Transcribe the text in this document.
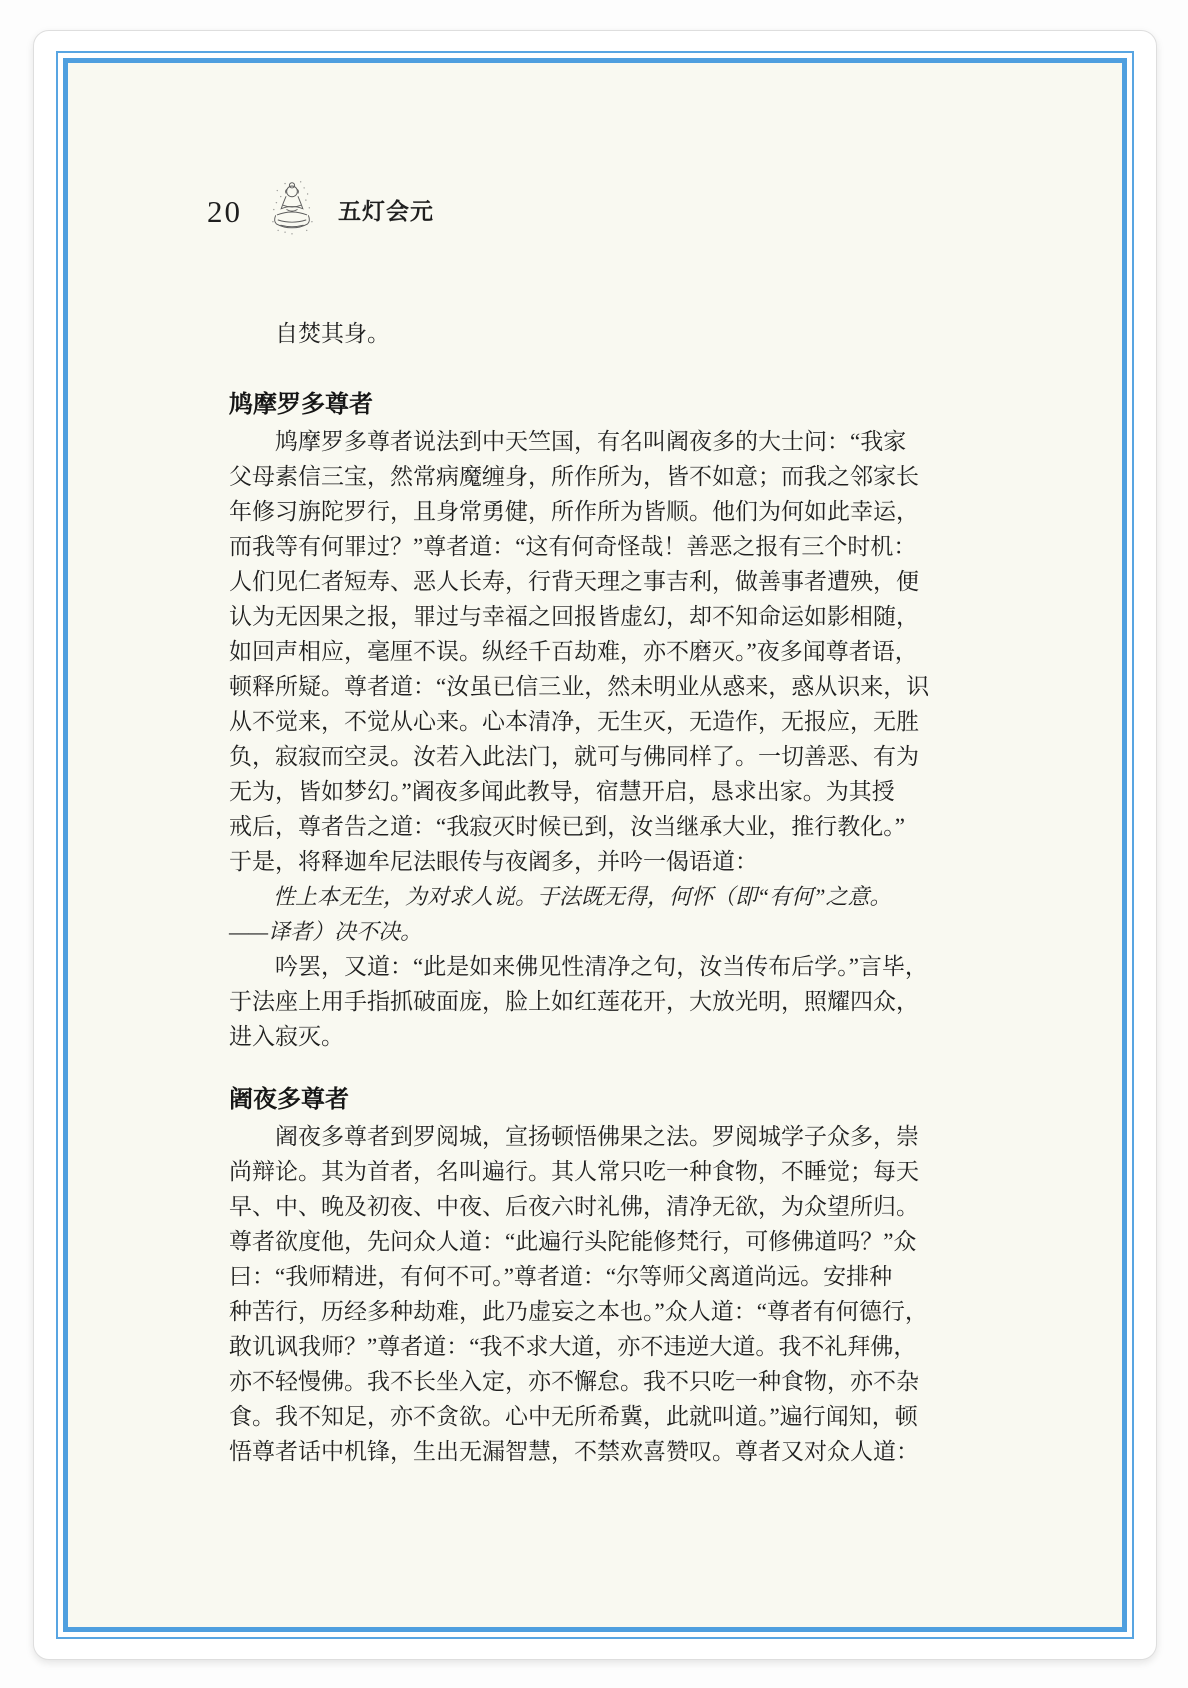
20	五灯会元
　　自焚其身。
鸠摩罗多尊者
　　鸠摩罗多尊者说法到中天竺国，有名叫阇夜多的大士问：“我家
父母素信三宝，然常病魔缠身，所作所为，皆不如意；而我之邻家长
年修习旃陀罗行，且身常勇健，所作所为皆顺。他们为何如此幸运，
而我等有何罪过？”尊者道：“这有何奇怪哉！善恶之报有三个时机：
人们见仁者短寿、恶人长寿，行背天理之事吉利，做善事者遭殃，便
认为无因果之报，罪过与幸福之回报皆虚幻，却不知命运如影相随，
如回声相应，毫厘不误。纵经千百劫难，亦不磨灭。”夜多闻尊者语，
顿释所疑。尊者道：“汝虽已信三业，然未明业从惑来，惑从识来，识
从不觉来，不觉从心来。心本清净，无生灭，无造作，无报应，无胜
负，寂寂而空灵。汝若入此法门，就可与佛同样了。一切善恶、有为
无为，皆如梦幻。”阇夜多闻此教导，宿慧开启，恳求出家。为其授
戒后，尊者告之道：“我寂灭时候已到，汝当继承大业，推行教化。”
于是，将释迦牟尼法眼传与夜阇多，并吟一偈语道：
　　性上本无生，为对求人说。于法既无得，何怀（即“有何”之意。
——译者）决不决。
　　吟罢，又道：“此是如来佛见性清净之句，汝当传布后学。”言毕，
于法座上用手指抓破面庞，脸上如红莲花开，大放光明，照耀四众，
进入寂灭。
阇夜多尊者
　　阇夜多尊者到罗阅城，宣扬顿悟佛果之法。罗阅城学子众多，崇
尚辩论。其为首者，名叫遍行。其人常只吃一种食物，不睡觉；每天
早、中、晚及初夜、中夜、后夜六时礼佛，清净无欲，为众望所归。
尊者欲度他，先问众人道：“此遍行头陀能修梵行，可修佛道吗？”众
曰：“我师精进，有何不可。”尊者道：“尔等师父离道尚远。安排种
种苦行，历经多种劫难，此乃虚妄之本也。”众人道：“尊者有何德行，
敢讥讽我师？”尊者道：“我不求大道，亦不违逆大道。我不礼拜佛，
亦不轻慢佛。我不长坐入定，亦不懈怠。我不只吃一种食物，亦不杂
食。我不知足，亦不贪欲。心中无所希冀，此就叫道。”遍行闻知，顿
悟尊者话中机锋，生出无漏智慧，不禁欢喜赞叹。尊者又对众人道：
